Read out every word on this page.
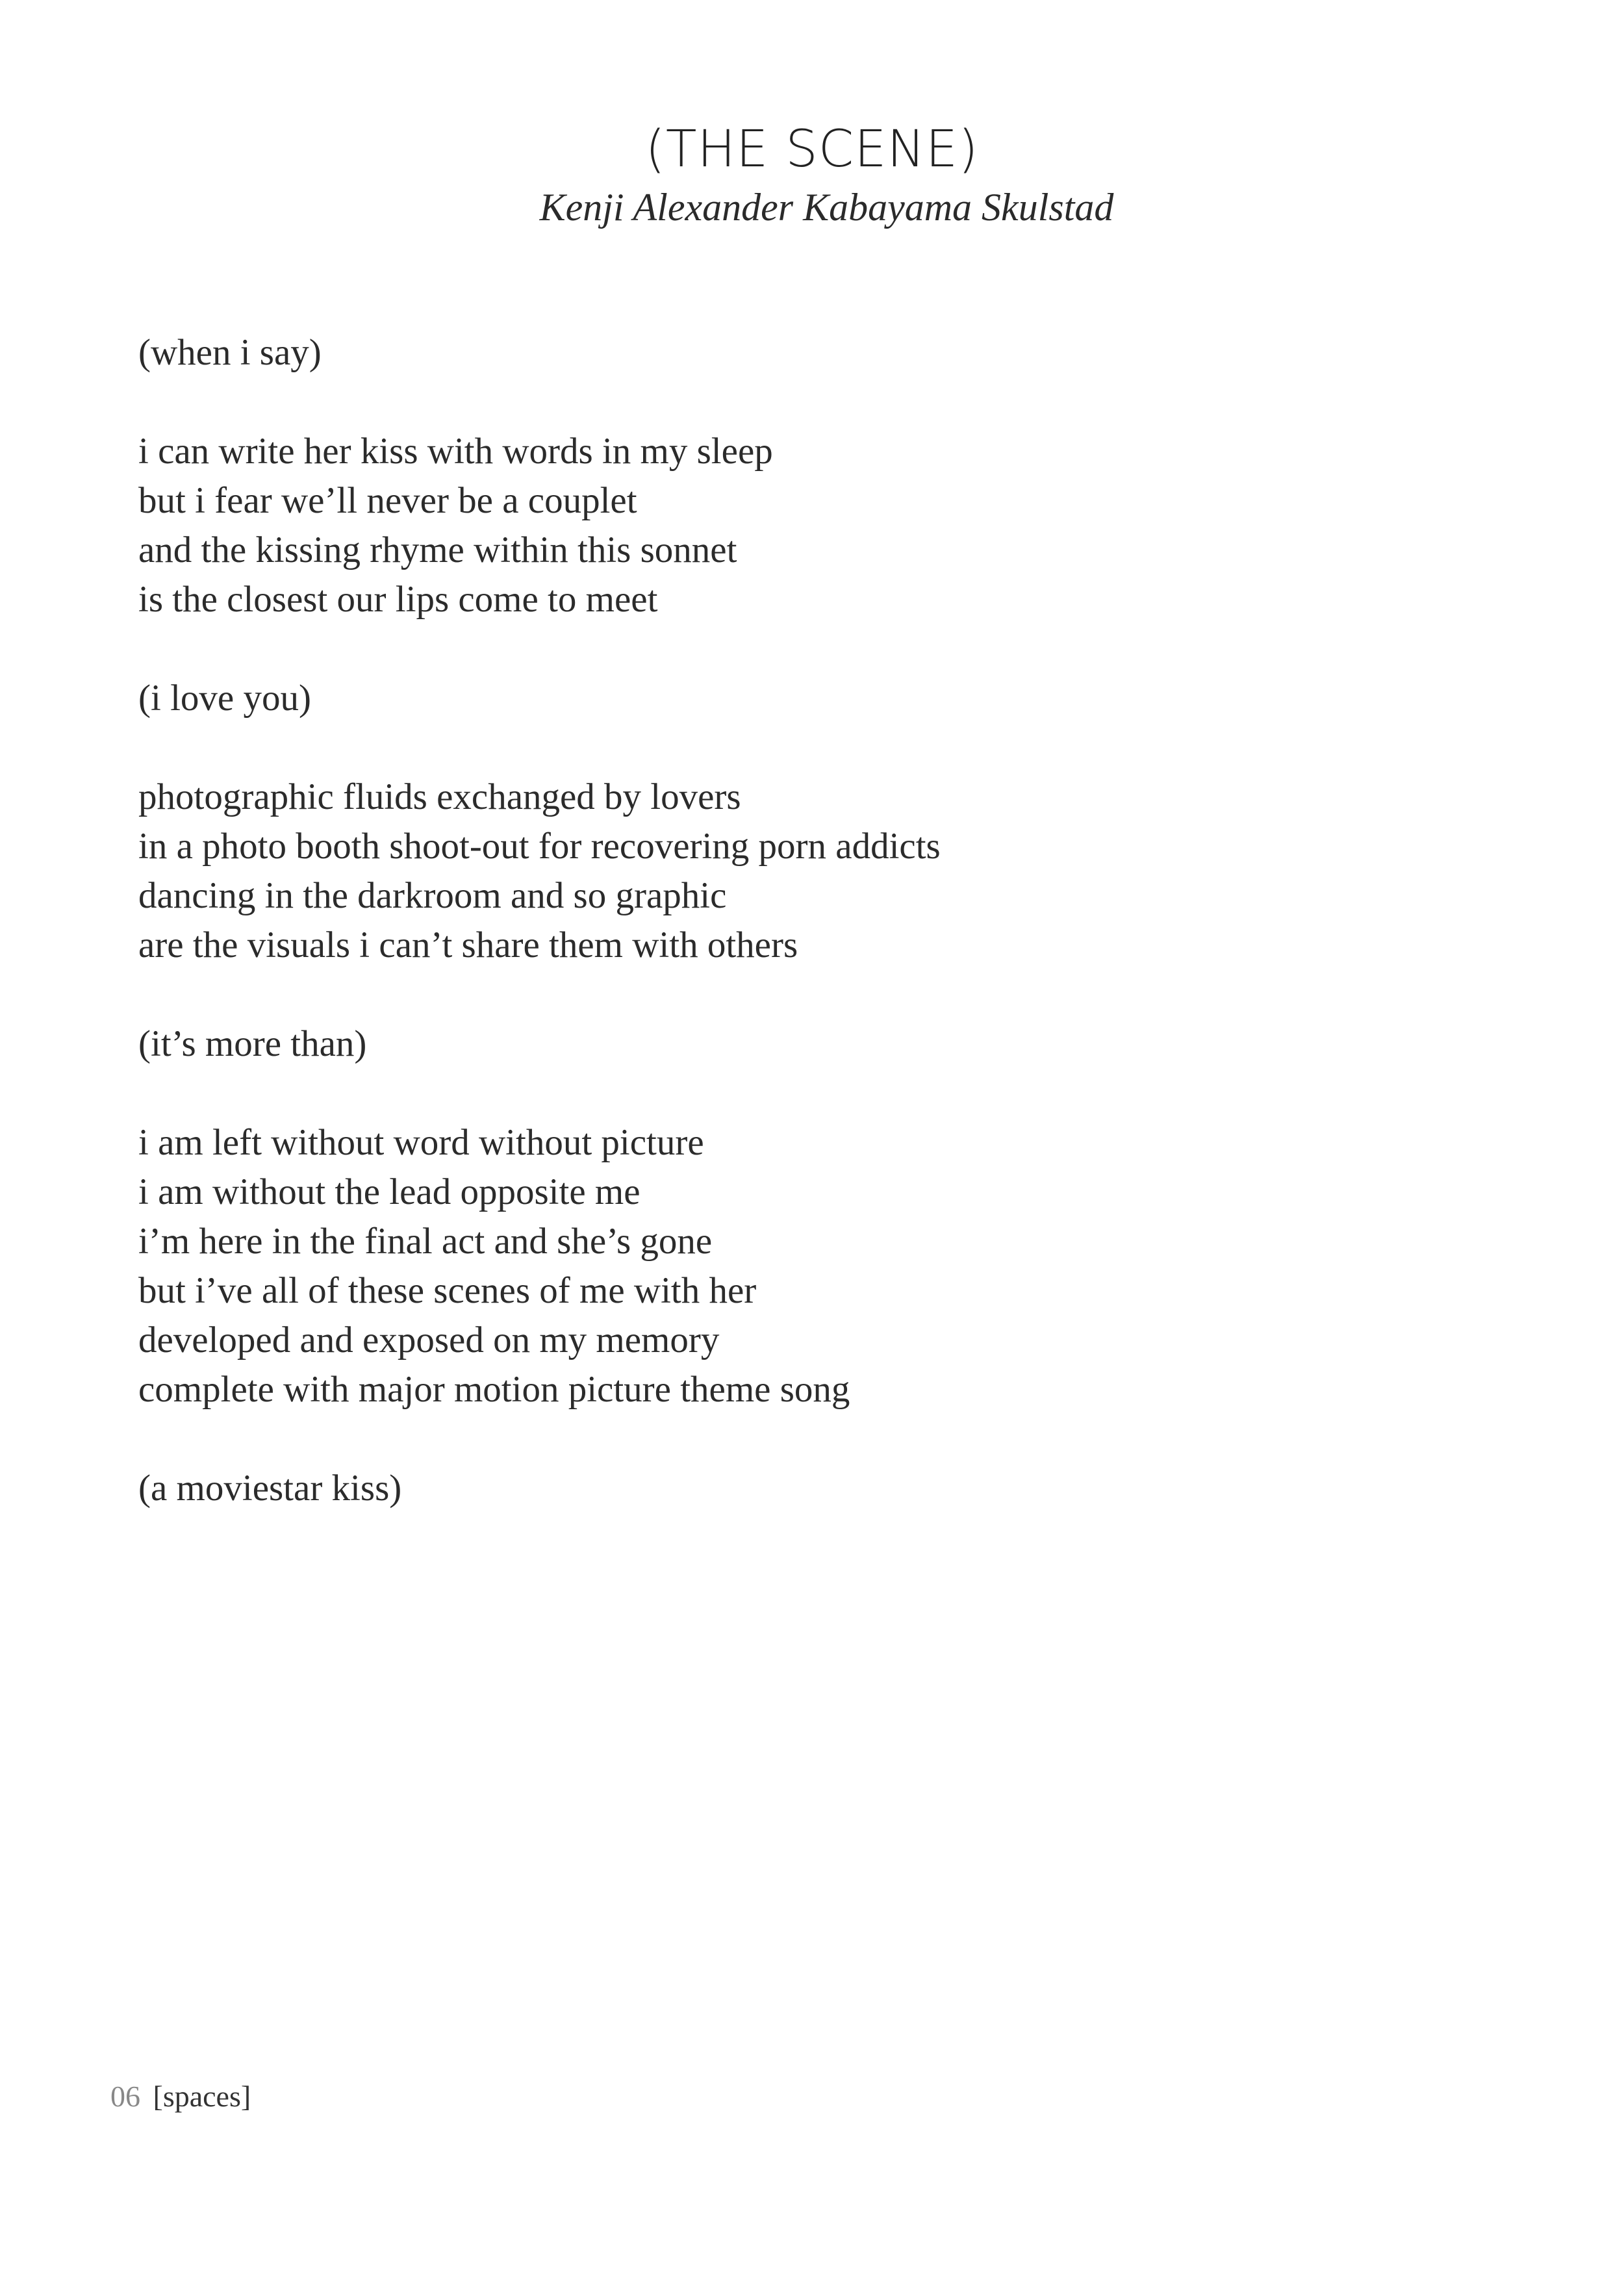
(THE SCENE)

Kenji Alexander Kabayama Skulstad

(when i say)
i can write her kiss with words in my sleep
but i fear we’ll never be a couplet
and the kissing rhyme within this sonnet
is the closest our lips come to meet
(i love you)
photographic fluids exchanged by lovers
in a photo booth shoot-out for recovering porn addicts
dancing in the darkroom and so graphic
are the visuals i can’t share them with others
(it’s more than)
i am left without word without picture
i am without the lead opposite me
i’m here in the final act and she’s gone
but i’ve all of these scenes of me with her
developed and exposed on my memory
complete with major motion picture theme song
(a moviestar kiss)
06 [spaces]
